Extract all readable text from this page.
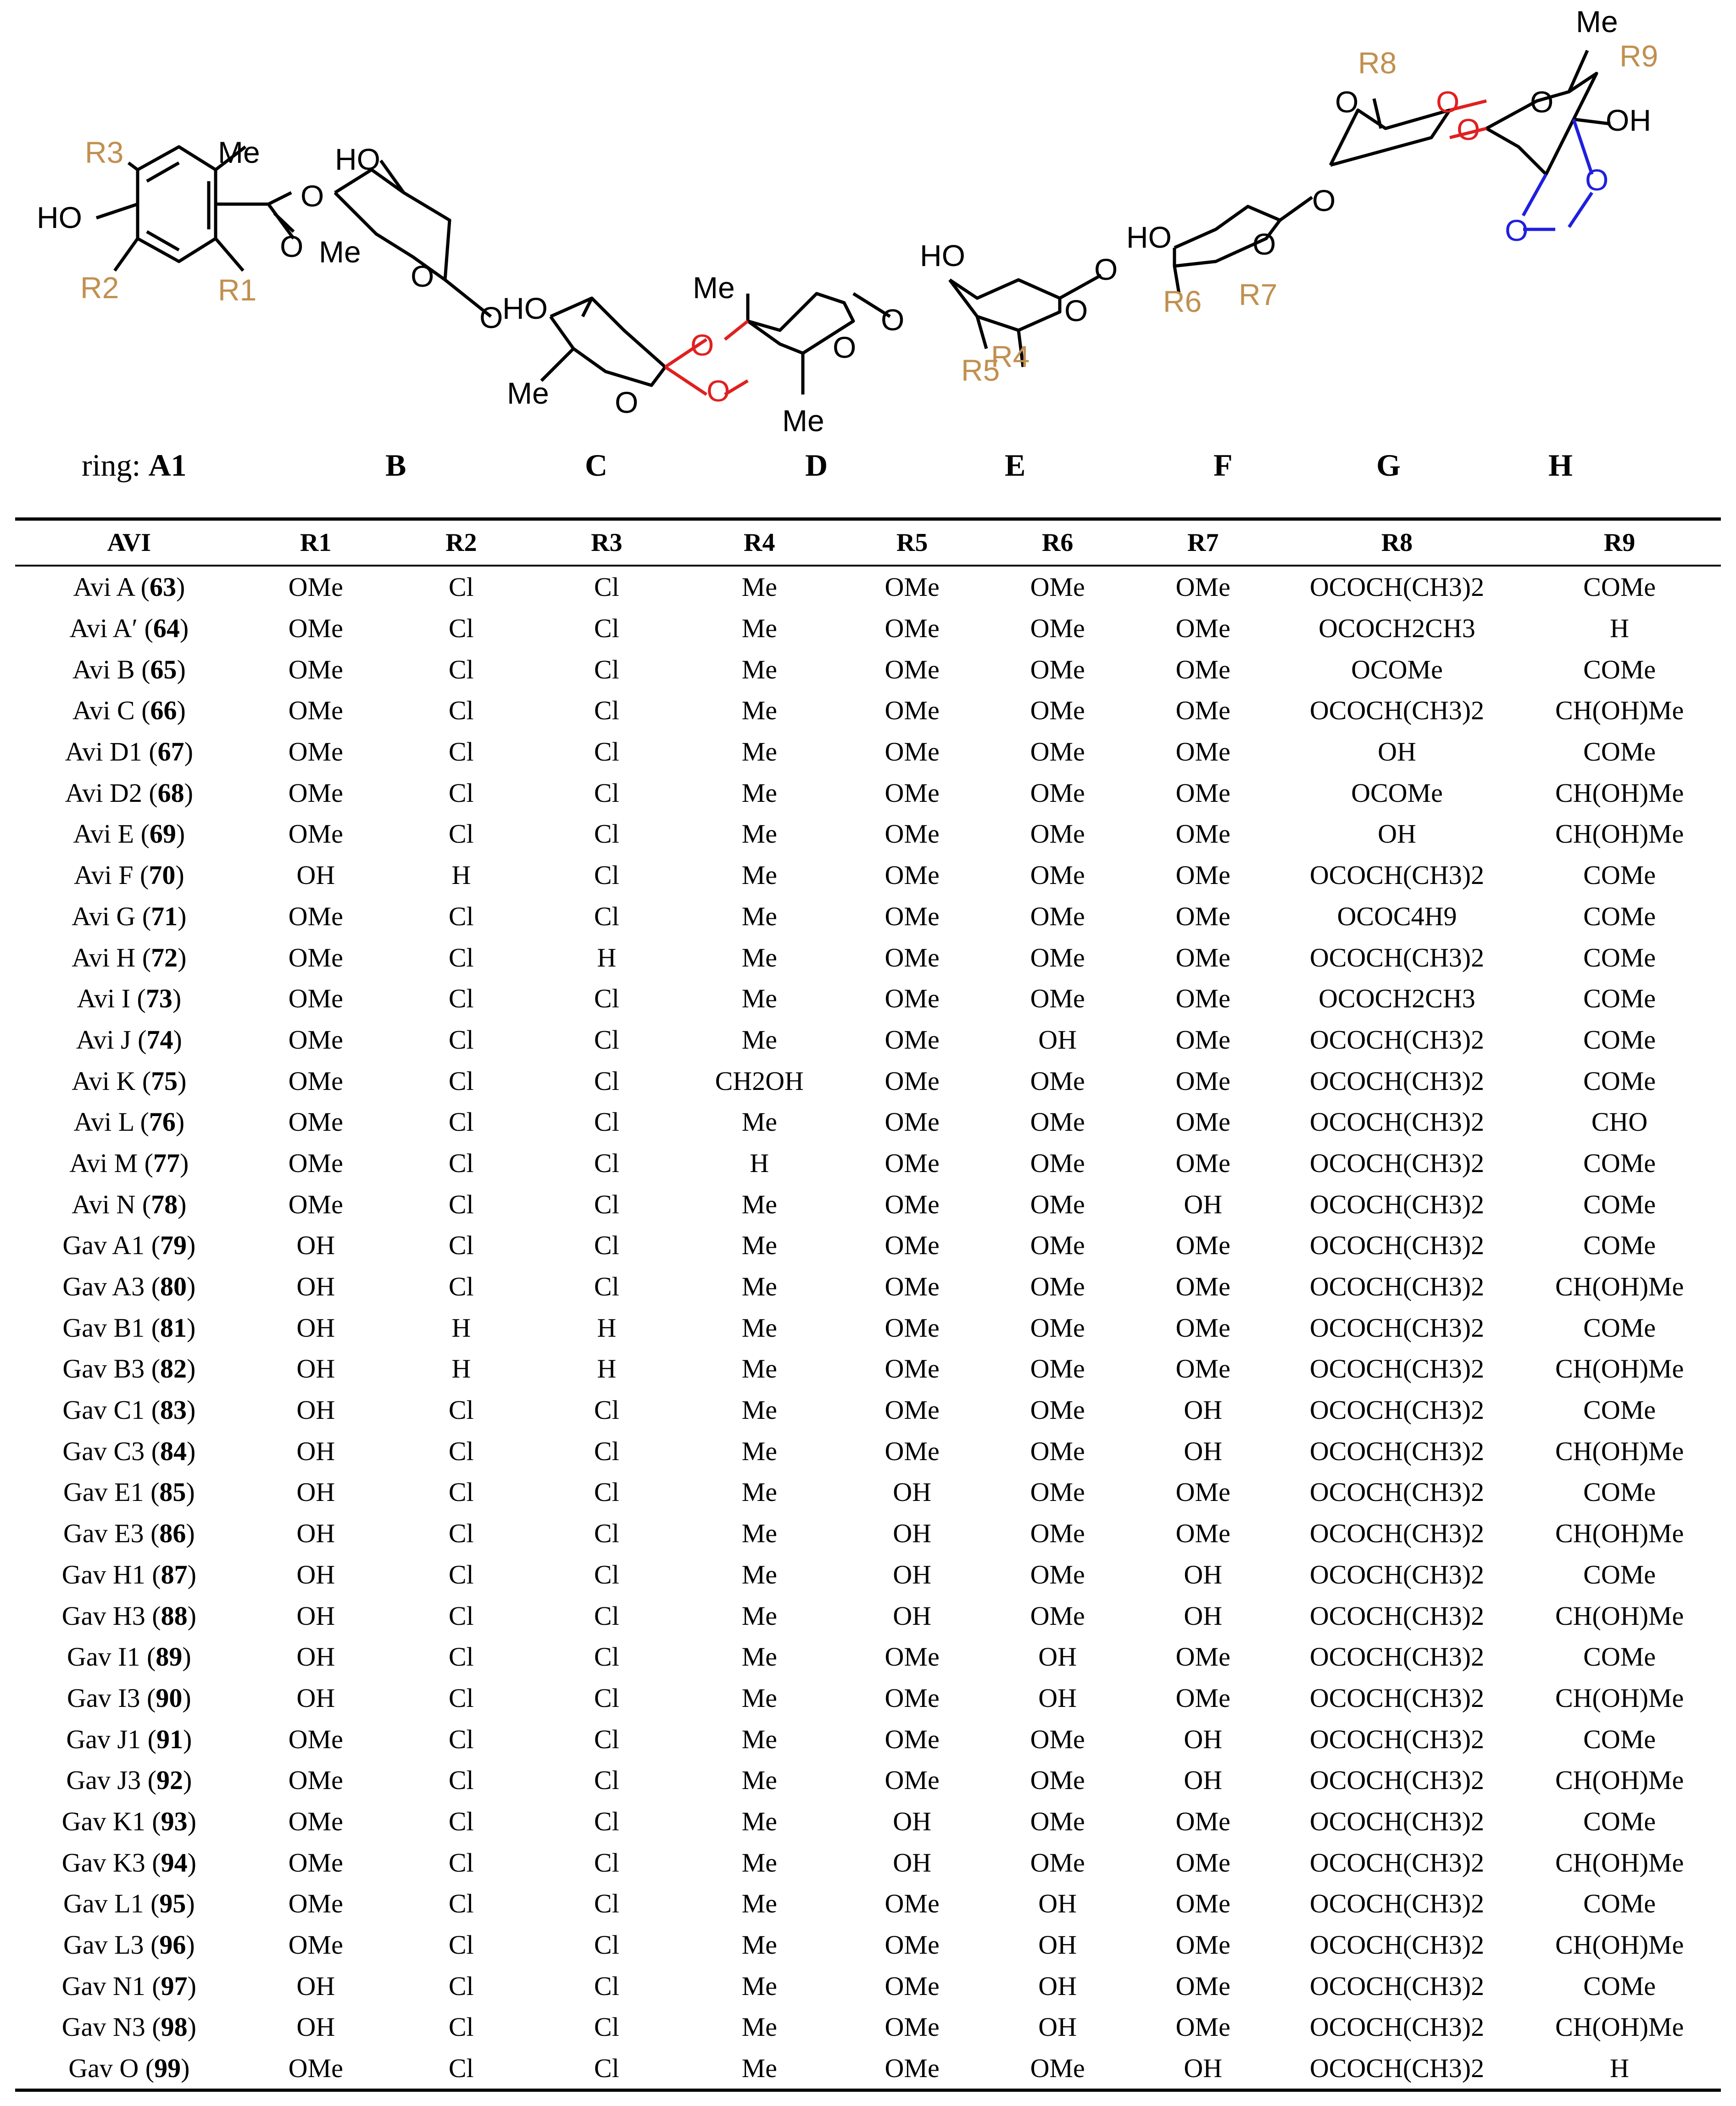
R3
R2	R1
R8	R9
R6 R7
R5
R4
Me
HO
O
O
HO
Me
O
O
HO
Me O
O
O
Me
Me
O
O
HO
O
O
HO	O
O
O	O
O
Me
OH
O
O
O
ring: A1	B	C	D	E	F	G	H
AVI	R1	R2	R3	R4	R5	R6	R7	R8	R9
Avi A (63)	OMe	Cl	Cl	Me	OMe	OMe	OMe	OCOCH(CH3)2	COMe
Avi A′ (64)	OMe	Cl	Cl	Me	OMe	OMe	OMe	OCOCH2CH3	H
Avi B (65)	OMe	Cl	Cl	Me	OMe	OMe	OMe	OCOMe	COMe
Avi C (66)	OMe	Cl	Cl	Me	OMe	OMe	OMe	OCOCH(CH3)2	CH(OH)Me
Avi D1 (67)	OMe	Cl	Cl	Me	OMe	OMe	OMe	OH	COMe
Avi D2 (68)	OMe	Cl	Cl	Me	OMe	OMe	OMe	OCOMe	CH(OH)Me
Avi E (69)	OMe	Cl	Cl	Me	OMe	OMe	OMe	OH	CH(OH)Me
Avi F (70)	OH	H	Cl	Me	OMe	OMe	OMe	OCOCH(CH3)2	COMe
Avi G (71)	OMe	Cl	Cl	Me	OMe	OMe	OMe	OCOC4H9	COMe
Avi H (72)	OMe	Cl	H	Me	OMe	OMe	OMe	OCOCH(CH3)2	COMe
Avi I (73)	OMe	Cl	Cl	Me	OMe	OMe	OMe	OCOCH2CH3	COMe
Avi J (74)	OMe	Cl	Cl	Me	OMe	OH	OMe	OCOCH(CH3)2	COMe
Avi K (75)	OMe	Cl	Cl	CH2OH	OMe	OMe	OMe	OCOCH(CH3)2	COMe
Avi L (76)	OMe	Cl	Cl	Me	OMe	OMe	OMe	OCOCH(CH3)2	CHO
Avi M (77)	OMe	Cl	Cl	H	OMe	OMe	OMe	OCOCH(CH3)2	COMe
Avi N (78)	OMe	Cl	Cl	Me	OMe	OMe	OH	OCOCH(CH3)2	COMe
Gav A1 (79)	OH	Cl	Cl	Me	OMe	OMe	OMe	OCOCH(CH3)2	COMe
Gav A3 (80)	OH	Cl	Cl	Me	OMe	OMe	OMe	OCOCH(CH3)2	CH(OH)Me
Gav B1 (81)	OH	H	H	Me	OMe	OMe	OMe	OCOCH(CH3)2	COMe
Gav B3 (82)	OH	H	H	Me	OMe	OMe	OMe	OCOCH(CH3)2	CH(OH)Me
Gav C1 (83)	OH	Cl	Cl	Me	OMe	OMe	OH	OCOCH(CH3)2	COMe
Gav C3 (84)	OH	Cl	Cl	Me	OMe	OMe	OH	OCOCH(CH3)2	CH(OH)Me
Gav E1 (85)	OH	Cl	Cl	Me	OH	OMe	OMe	OCOCH(CH3)2	COMe
Gav E3 (86)	OH	Cl	Cl	Me	OH	OMe	OMe	OCOCH(CH3)2	CH(OH)Me
Gav H1 (87)	OH	Cl	Cl	Me	OH	OMe	OH	OCOCH(CH3)2	COMe
Gav H3 (88)	OH	Cl	Cl	Me	OH	OMe	OH	OCOCH(CH3)2	CH(OH)Me
Gav I1 (89)	OH	Cl	Cl	Me	OMe	OH	OMe	OCOCH(CH3)2	COMe
Gav I3 (90)	OH	Cl	Cl	Me	OMe	OH	OMe	OCOCH(CH3)2	CH(OH)Me
Gav J1 (91)	OMe	Cl	Cl	Me	OMe	OMe	OH	OCOCH(CH3)2	COMe
Gav J3 (92)	OMe	Cl	Cl	Me	OMe	OMe	OH	OCOCH(CH3)2	CH(OH)Me
Gav K1 (93)	OMe	Cl	Cl	Me	OH	OMe	OMe	OCOCH(CH3)2	COMe
Gav K3 (94)	OMe	Cl	Cl	Me	OH	OMe	OMe	OCOCH(CH3)2	CH(OH)Me
Gav L1 (95)	OMe	Cl	Cl	Me	OMe	OH	OMe	OCOCH(CH3)2	COMe
Gav L3 (96)	OMe	Cl	Cl	Me	OMe	OH	OMe	OCOCH(CH3)2	CH(OH)Me
Gav N1 (97)	OH	Cl	Cl	Me	OMe	OH	OMe	OCOCH(CH3)2	COMe
Gav N3 (98)	OH	Cl	Cl	Me	OMe	OH	OMe	OCOCH(CH3)2	CH(OH)Me
Gav O (99)	OMe	Cl	Cl	Me	OMe	OMe	OH	OCOCH(CH3)2	H
